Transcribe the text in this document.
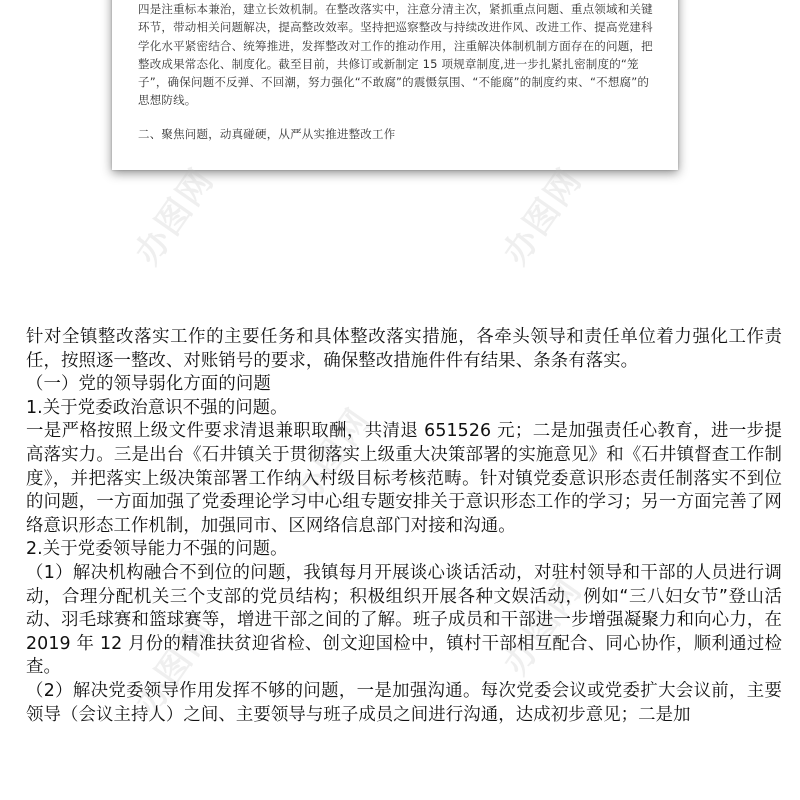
四是注重标本兼治，建立长效机制。在整改落实中，注意分清主次，紧抓重点问题、重点领域和关键环节，带动相关问题解决，提高整改效率。坚持把巡察整改与持续改进作风、改进工作、提高党建科学化水平紧密结合、统筹推进，发挥整改对工作的推动作用，注重解决体制机制方面存在的问题，把整改成果常态化、制度化。截至目前，共修订或新制定 15 项规章制度,进一步扎紧扎密制度的“笼子”，确保问题不反弹、不回潮，努力强化“不敢腐”的震慑氛围、“不能腐”的制度约束、“不想腐”的思想防线。

二、聚焦问题，动真碰硬，从严从实推进整改工作

办图网	办图网
办图网
办图网
办图网

针对全镇整改落实工作的主要任务和具体整改落实措施，各牵头领导和责任单位着力强化工作责任，按照逐一整改、对账销号的要求，确保整改措施件件有结果、条条有落实。

（一）党的领导弱化方面的问题

1.关于党委政治意识不强的问题。

一是严格按照上级文件要求清退兼职取酬，共清退 651526 元；二是加强责任心教育，进一步提高落实力。三是出台《石井镇关于贯彻落实上级重大决策部署的实施意见》和《石井镇督查工作制度》，并把落实上级决策部署工作纳入村级目标考核范畴。针对镇党委意识形态责任制落实不到位的问题，一方面加强了党委理论学习中心组专题安排关于意识形态工作的学习；另一方面完善了网络意识形态工作机制，加强同市、区网络信息部门对接和沟通。

2.关于党委领导能力不强的问题。

（1）解决机构融合不到位的问题，我镇每月开展谈心谈话活动，对驻村领导和干部的人员进行调动，合理分配机关三个支部的党员结构；积极组织开展各种文娱活动，例如“三八妇女节”登山活动、羽毛球赛和篮球赛等，增进干部之间的了解。班子成员和干部进一步增强凝聚力和向心力，在 2019 年 12 月份的精准扶贫迎省检、创文迎国检中，镇村干部相互配合、同心协作，顺利通过检查。

（2）解决党委领导作用发挥不够的问题，一是加强沟通。每次党委会议或党委扩大会议前，主要领导（会议主持人）之间、主要领导与班子成员之间进行沟通，达成初步意见；二是加
